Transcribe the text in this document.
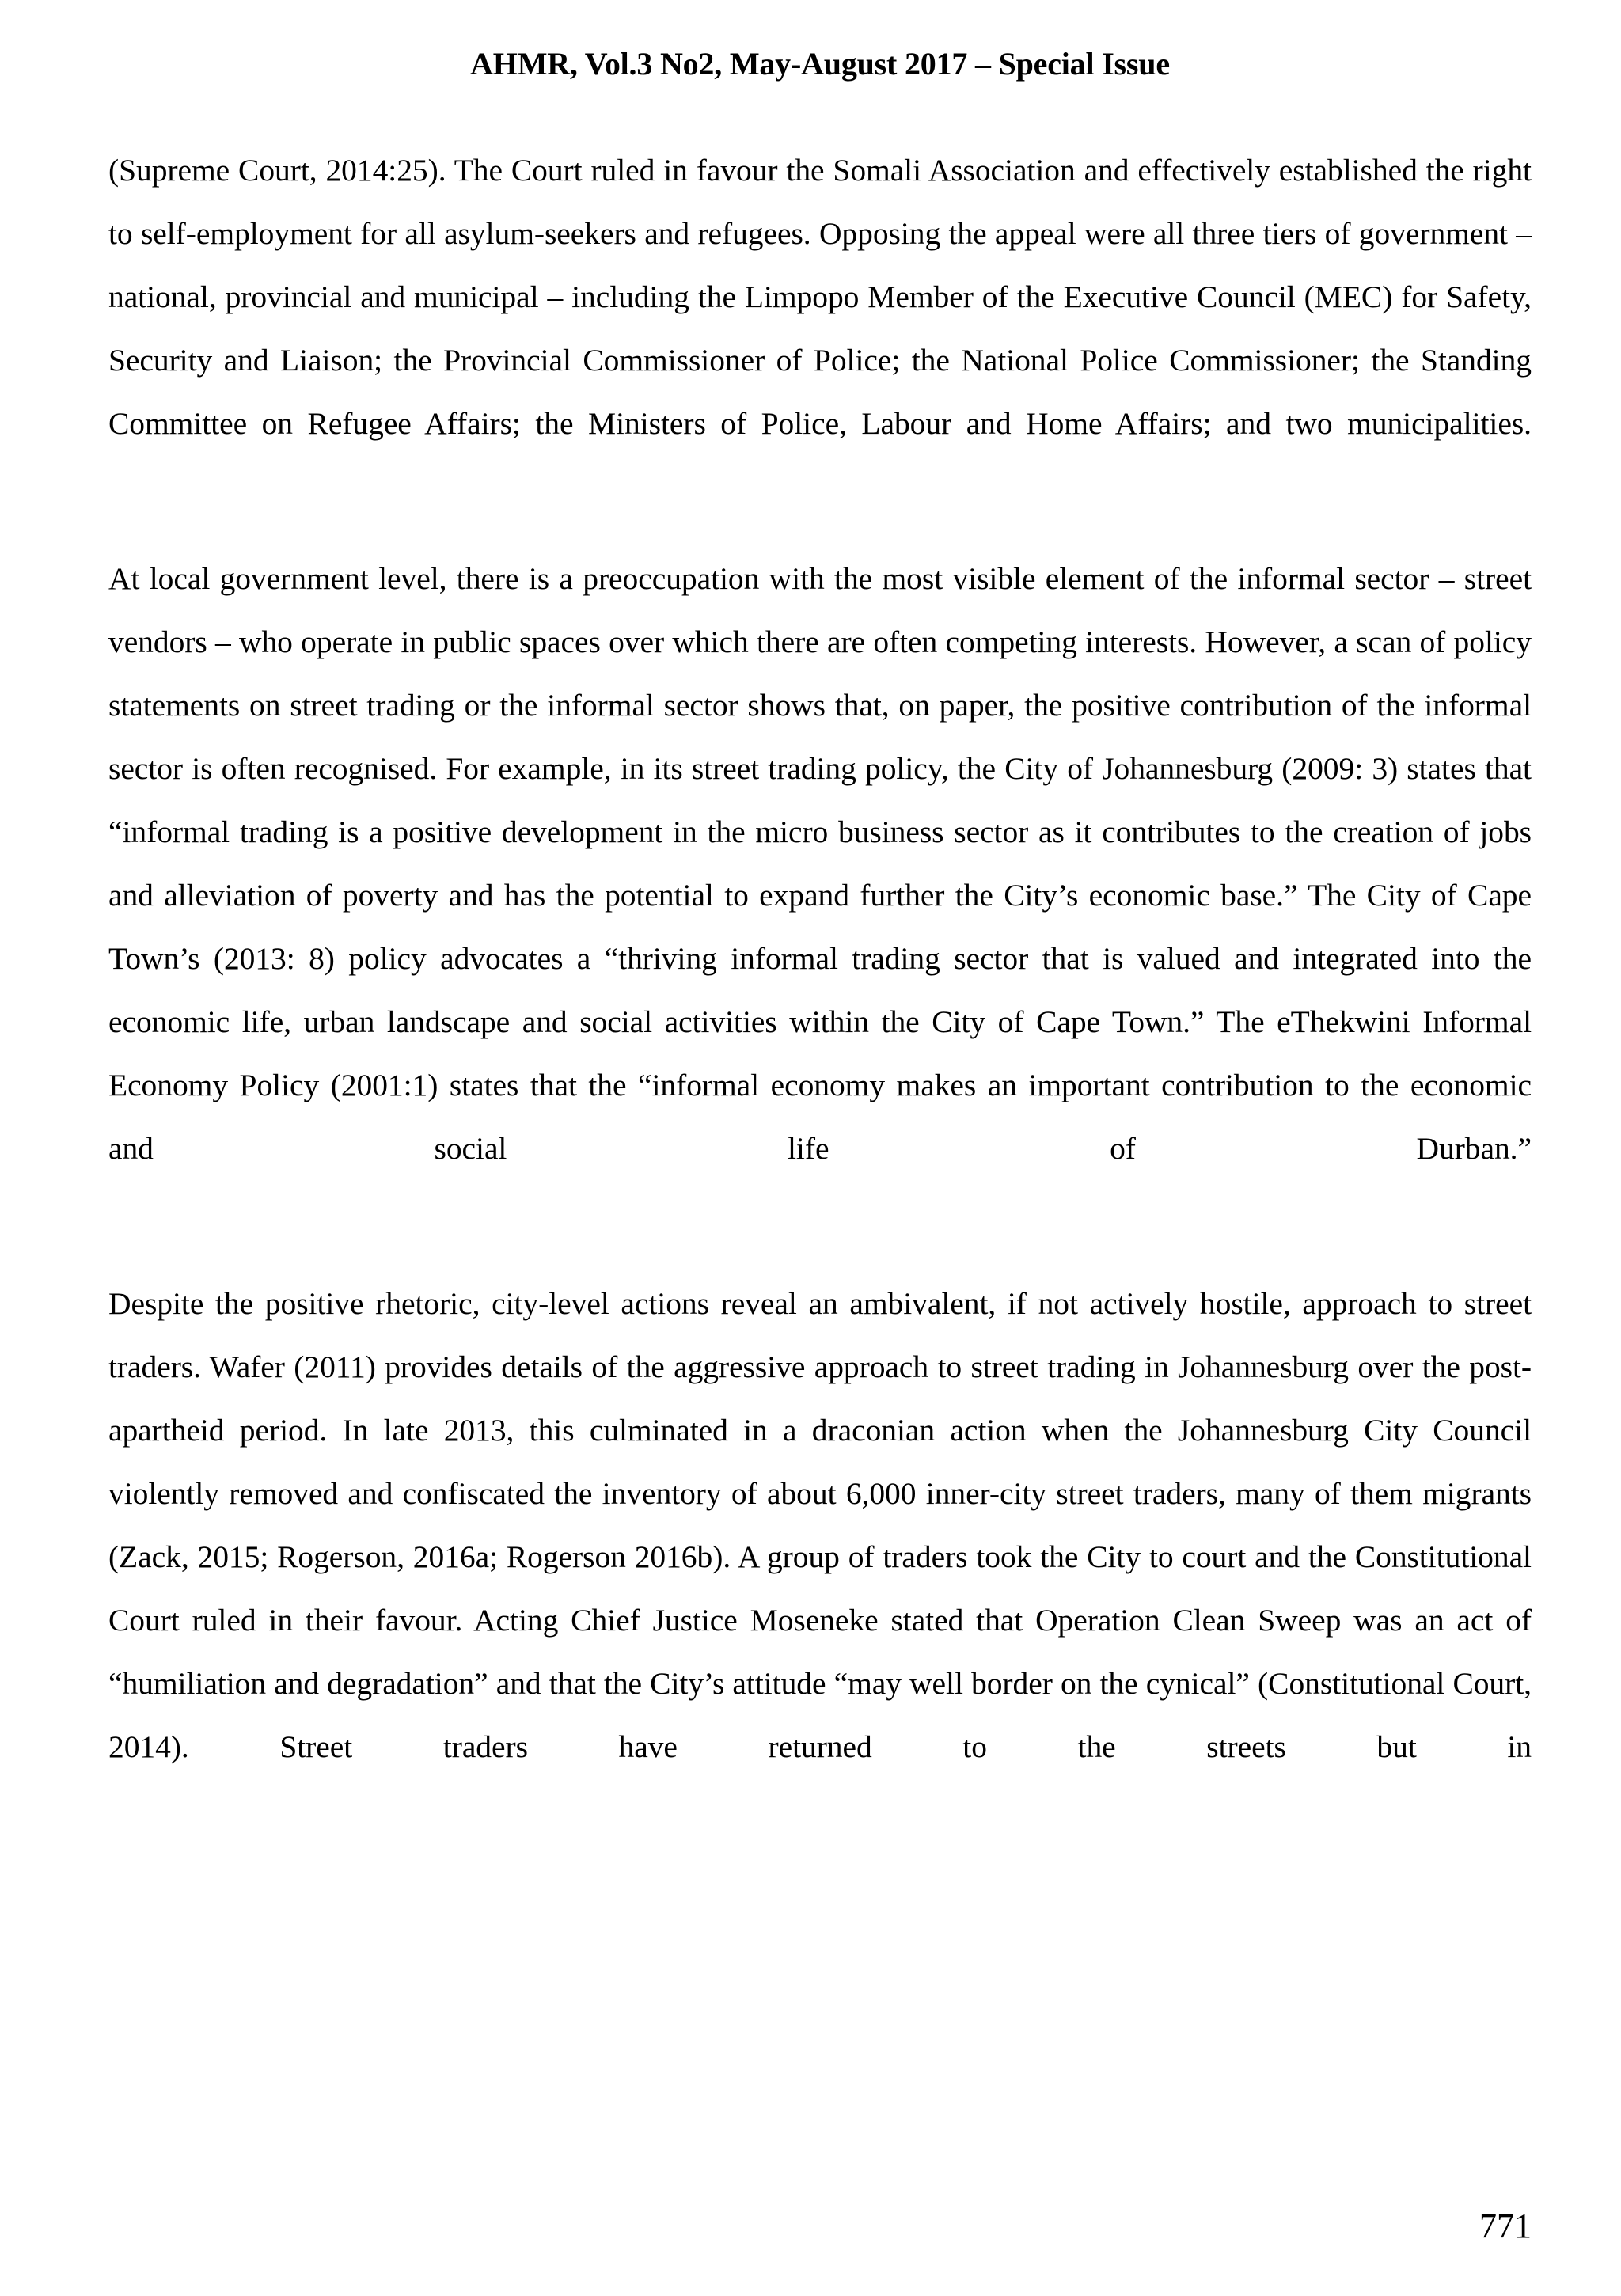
AHMR, Vol.3 No2, May-August 2017 – Special Issue

(Supreme Court, 2014:25). The Court ruled in favour the Somali Association and effectively established the right to self-employment for all asylum-seekers and refugees. Opposing the appeal were all three tiers of government – national, provincial and municipal – including the Limpopo Member of the Executive Council (MEC) for Safety, Security and Liaison; the Provincial Commissioner of Police; the National Police Commissioner; the Standing Committee on Refugee Affairs; the Ministers of Police, Labour and Home Affairs; and two municipalities.

At local government level, there is a preoccupation with the most visible element of the informal sector – street vendors – who operate in public spaces over which there are often competing interests. However, a scan of policy statements on street trading or the informal sector shows that, on paper, the positive contribution of the informal sector is often recognised. For example, in its street trading policy, the City of Johannesburg (2009: 3) states that “informal trading is a positive development in the micro business sector as it contributes to the creation of jobs and alleviation of poverty and has the potential to expand further the City’s economic base.” The City of Cape Town’s (2013: 8) policy advocates a “thriving informal trading sector that is valued and integrated into the economic life, urban landscape and social activities within the City of Cape Town.” The eThekwini Informal Economy Policy (2001:1) states that the “informal economy makes an important contribution to the economic and social life of Durban.”

Despite the positive rhetoric, city-level actions reveal an ambivalent, if not actively hostile, approach to street traders. Wafer (2011) provides details of the aggressive approach to street trading in Johannesburg over the post-apartheid period. In late 2013, this culminated in a draconian action when the Johannesburg City Council violently removed and confiscated the inventory of about 6,000 inner-city street traders, many of them migrants (Zack, 2015; Rogerson, 2016a; Rogerson 2016b). A group of traders took the City to court and the Constitutional Court ruled in their favour. Acting Chief Justice Moseneke stated that Operation Clean Sweep was an act of “humiliation and degradation” and that the City’s attitude “may well border on the cynical” (Constitutional Court, 2014). Street traders have returned to the streets but in

771
